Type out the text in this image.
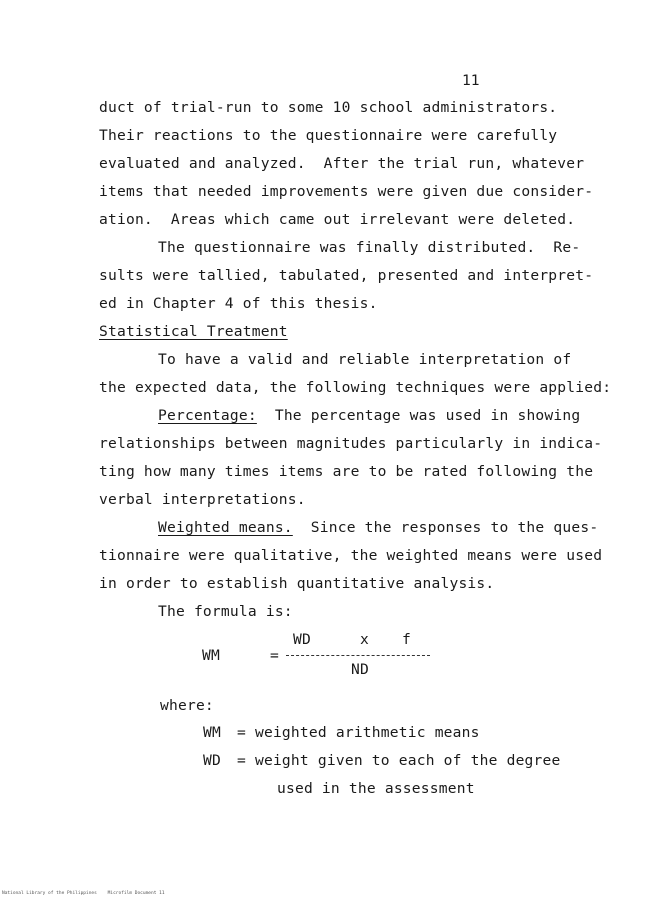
11
duct of trial-run to some 10 school administrators.
Their reactions to the questionnaire were carefully
evaluated and analyzed.  After the trial run, whatever
items that needed improvements were given due consider-
ation.  Areas which came out irrelevant were deleted.
The questionnaire was finally distributed.  Re-
sults were tallied, tabulated, presented and interpret-
ed in Chapter 4 of this thesis.
Statistical Treatment
To have a valid and reliable interpretation of
the expected data, the following techniques were applied:
Percentage:  The percentage was used in showing
relationships between magnitudes particularly in indica-
ting how many times items are to be rated following the
verbal interpretations.
Weighted means.  Since the responses to the ques-
tionnaire were qualitative, the weighted means were used
in order to establish quantitative analysis.
The formula is:
WD	x f
WM	=
ND
where:
WM = weighted arithmetic means
WD = weight given to each of the degree
used in the assessment
National Library of the Philippines    Microfilm Document 11
